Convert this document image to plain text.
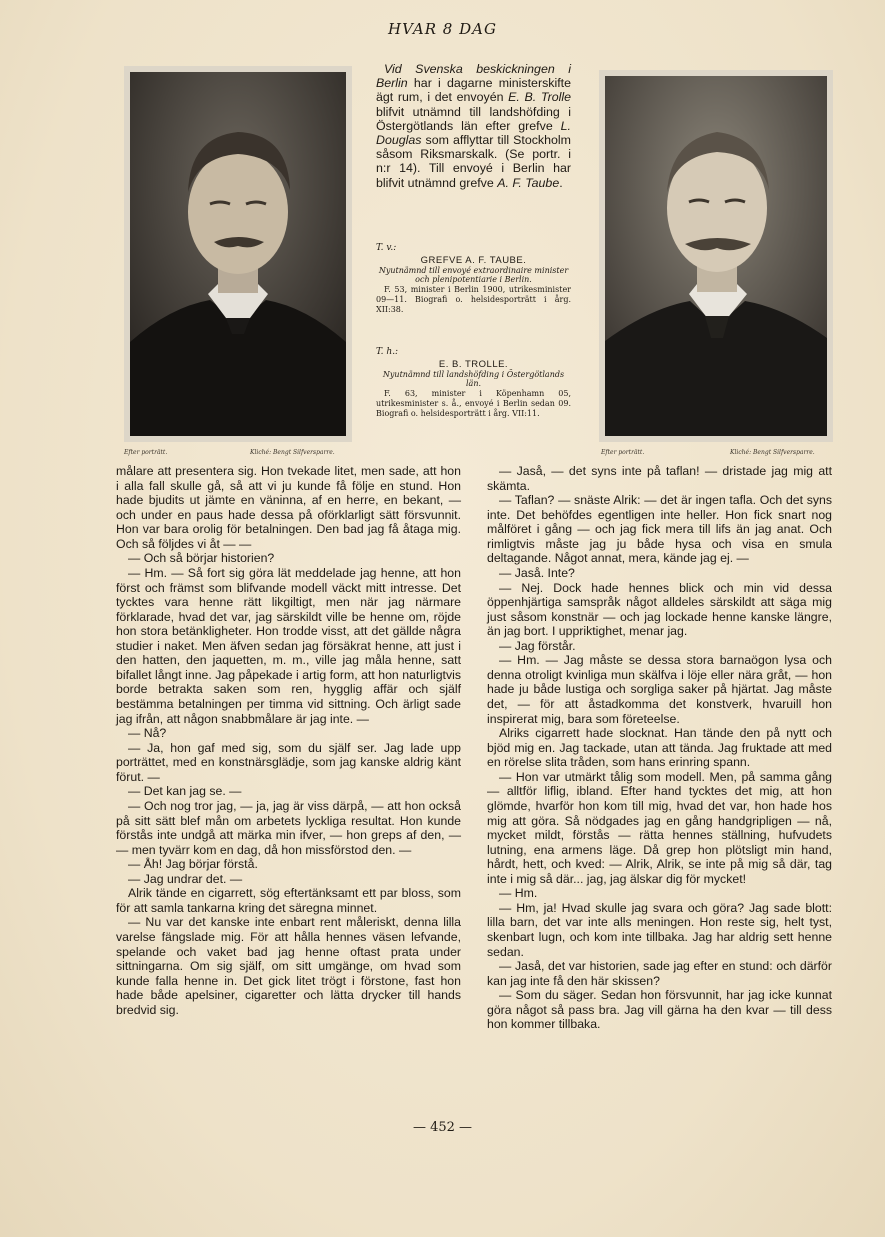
HVAR 8 DAG
Efter porträtt.	Kliché: Bengt Silfversparre.	Efter porträtt.	Kliché: Bengt Silfversparre.
Vid Svenska beskickningen i Berlin har i dagarne ministerskifte ägt rum, i det envoyén E. B. Trolle blifvit utnämnd till landshöfding i Östergötlands län efter grefve L. Douglas som afflyttar till Stockholm såsom Riksmarskalk. (Se portr. i n:r 14). Till envoyé i Berlin har blifvit utnämnd grefve A. F. Taube.
T. v.:
GREFVE A. F. TAUBE.
Nyutnämnd till envoyé extraordinaire minister och plenipotentiarie i Berlin.
F. 53, minister i Berlin 1900, utrikesminister 09—11. Biografi o. helsidesporträtt i årg. XII:38.
T. h.:
E. B. TROLLE.
Nyutnämnd till landshöfding i Östergötlands län.
F. 63, minister i Köpenhamn 05, utrikesminister s. å., envoyé i Berlin sedan 09. Biografi o. helsidesporträtt i årg. VII:11.

målare att presentera sig. Hon tvekade litet, men sade, att hon i alla fall skulle gå, så att vi ju kunde få följe en stund. Hon hade bjudits ut jämte en väninna, af en herre, en bekant, — och under en paus hade dessa på oförklarligt sätt försvunnit. Hon var bara orolig för betalningen. Den bad jag få åtaga mig. Och så följdes vi åt — —

— Och så börjar historien?

— Hm. — Så fort sig göra lät meddelade jag henne, att hon först och främst som blifvande modell väckt mitt intresse. Det tycktes vara henne rätt likgiltigt, men när jag närmare förklarade, hvad det var, jag särskildt ville be henne om, röjde hon stora betänkligheter. Hon trodde visst, att det gällde några studier i naket. Men äfven sedan jag försäkrat henne, att just i den hatten, den jaquetten, m. m., ville jag måla henne, satt bifallet långt inne. Jag påpekade i artig form, att hon naturligtvis borde betrakta saken som ren, hygglig affär och själf bestämma betalningen per timma vid sittning. Och ärligt sade jag ifrån, att någon snabbmålare är jag inte. —

— Nå?

— Ja, hon gaf med sig, som du själf ser. Jag lade upp porträttet, med en konstnärsglädje, som jag kanske aldrig känt förut. —

— Det kan jag se. —

— Och nog tror jag, — ja, jag är viss därpå, — att hon också på sitt sätt blef mån om arbetets lyckliga resultat. Hon kunde förstås inte undgå att märka min ifver, — hon greps af den, — — men tyvärr kom en dag, då hon missförstod den. —

— Åh! Jag börjar förstå.

— Jag undrar det. —

Alrik tände en cigarrett, sög eftertänksamt ett par bloss, som för att samla tankarna kring det säregna minnet.

— Nu var det kanske inte enbart rent måleriskt, denna lilla varelse fängslade mig. För att hålla hennes väsen lefvande, spelande och vaket bad jag henne oftast prata under sittningarna. Om sig själf, om sitt umgänge, om hvad som kunde falla henne in. Det gick litet trögt i förstone, fast hon hade både apelsiner, cigaretter och lätta drycker till hands bredvid sig.

— Jaså, — det syns inte på taflan! — dristade jag mig att skämta.

— Taflan? — snäste Alrik: — det är ingen tafla. Och det syns inte. Det behöfdes egentligen inte heller. Hon fick snart nog målföret i gång — och jag fick mera till lifs än jag anat. Och rimligtvis måste jag ju både hysa och visa en smula deltagande. Något annat, mera, kände jag ej. —

— Jaså. Inte?

— Nej. Dock hade hennes blick och min vid dessa öppenhjärtiga samspråk något alldeles särskildt att säga mig just såsom konstnär — och jag lockade henne kanske längre, än jag bort. I uppriktighet, menar jag.

— Jag förstår.

— Hm. — Jag måste se dessa stora barnaögon lysa och denna otroligt kvinliga mun skälfva i löje eller nära gråt, — hon hade ju både lustiga och sorgliga saker på hjärtat. Jag måste det, — för att åstadkomma det konstverk, hvaruill hon inspirerat mig, bara som företeelse.

Alriks cigarrett hade slocknat. Han tände den på nytt och bjöd mig en. Jag tackade, utan att tända. Jag fruktade att med en rörelse slita tråden, som hans erinring spann.

— Hon var utmärkt tålig som modell. Men, på samma gång — alltför liflig, ibland. Efter hand tycktes det mig, att hon glömde, hvarför hon kom till mig, hvad det var, hon hade hos mig att göra. Så nödgades jag en gång handgripligen — nå, mycket mildt, förstås — rätta hennes ställning, hufvudets lutning, ena armens läge. Då grep hon plötsligt min hand, hårdt, hett, och kved: — Alrik, Alrik, se inte på mig så där, tag inte i mig så där... jag, jag älskar dig för mycket!

— Hm.

— Hm, ja! Hvad skulle jag svara och göra? Jag sade blott: lilla barn, det var inte alls meningen. Hon reste sig, helt tyst, skenbart lugn, och kom inte tillbaka. Jag har aldrig sett henne sedan.

— Jaså, det var historien, sade jag efter en stund: och därför kan jag inte få den här skissen?

— Som du säger. Sedan hon försvunnit, har jag icke kunnat göra något så pass bra. Jag vill gärna ha den kvar — till dess hon kommer tillbaka.

— 452 —
